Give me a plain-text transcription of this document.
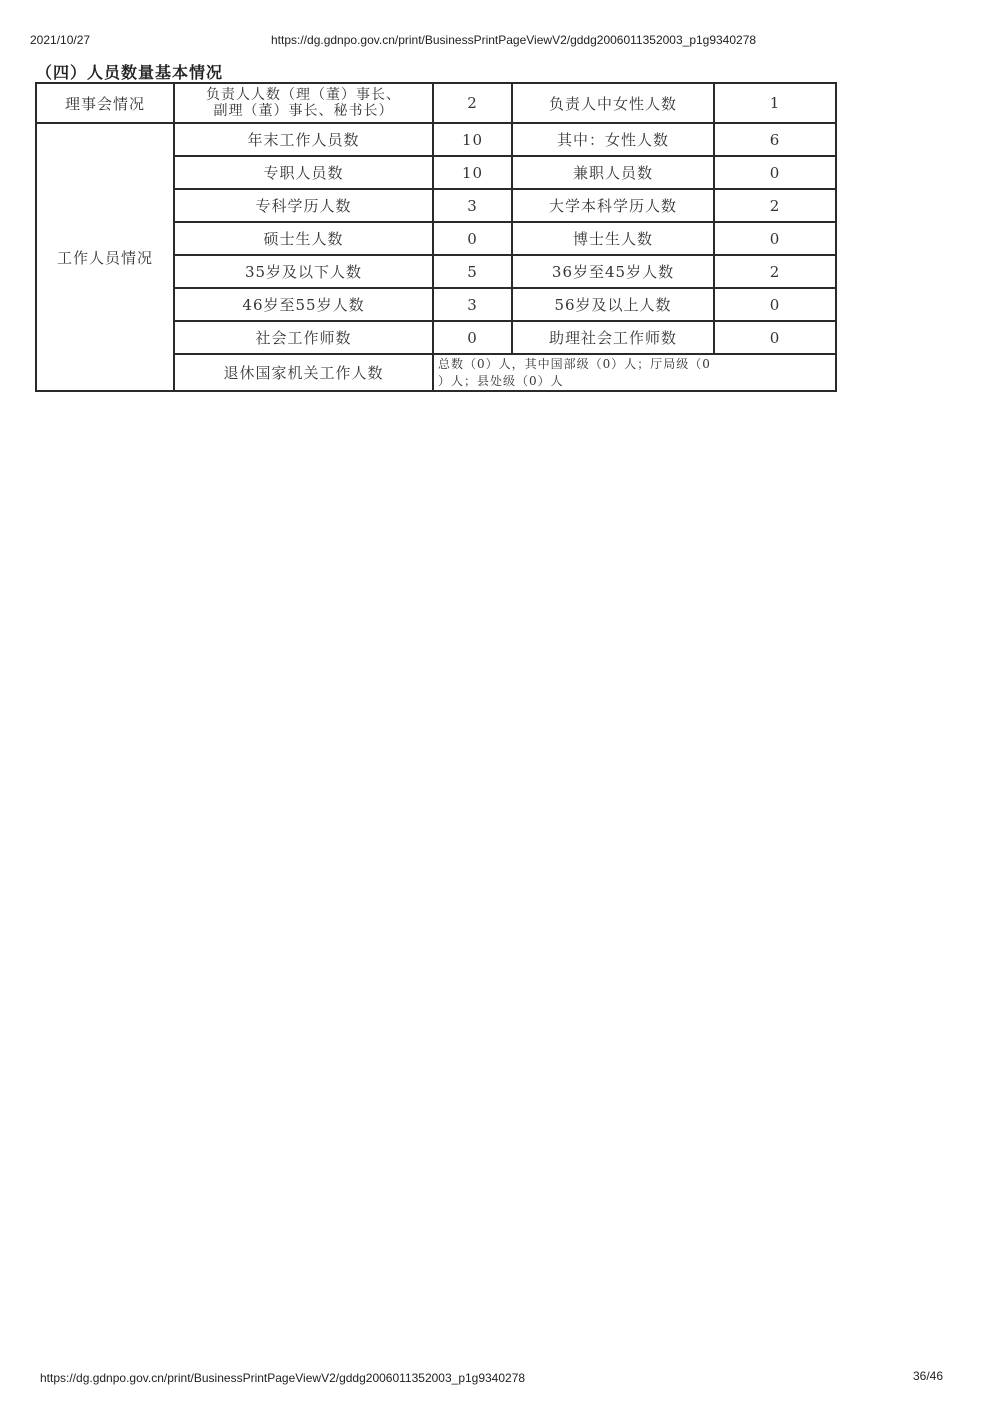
2021/10/27	https://dg.gdnpo.gov.cn/print/BusinessPrintPageViewV2/gddg2006011352003_p1g9340278
（四）人员数量基本情况
理事会情况	负责人人数（理（董）事长、
副理（董）事长、秘书长）	2	负责人中女性人数	1
工作人员情况	年末工作人员数	10	其中：女性人数	6
	专职人员数	10	兼职人员数	0
	专科学历人数	3	大学本科学历人数	2
	硕士生人数	0	博士生人数	0
	35岁及以下人数	5	36岁至45岁人数	2
	46岁至55岁人数	3	56岁及以上人数	0
	社会工作师数	0	助理社会工作师数	0
	退休国家机关工作人数	总数（0）人，其中国部级（0）人；厅局级（0
）人；县处级（0）人		
https://dg.gdnpo.gov.cn/print/BusinessPrintPageViewV2/gddg2006011352003_p1g9340278	36/46
